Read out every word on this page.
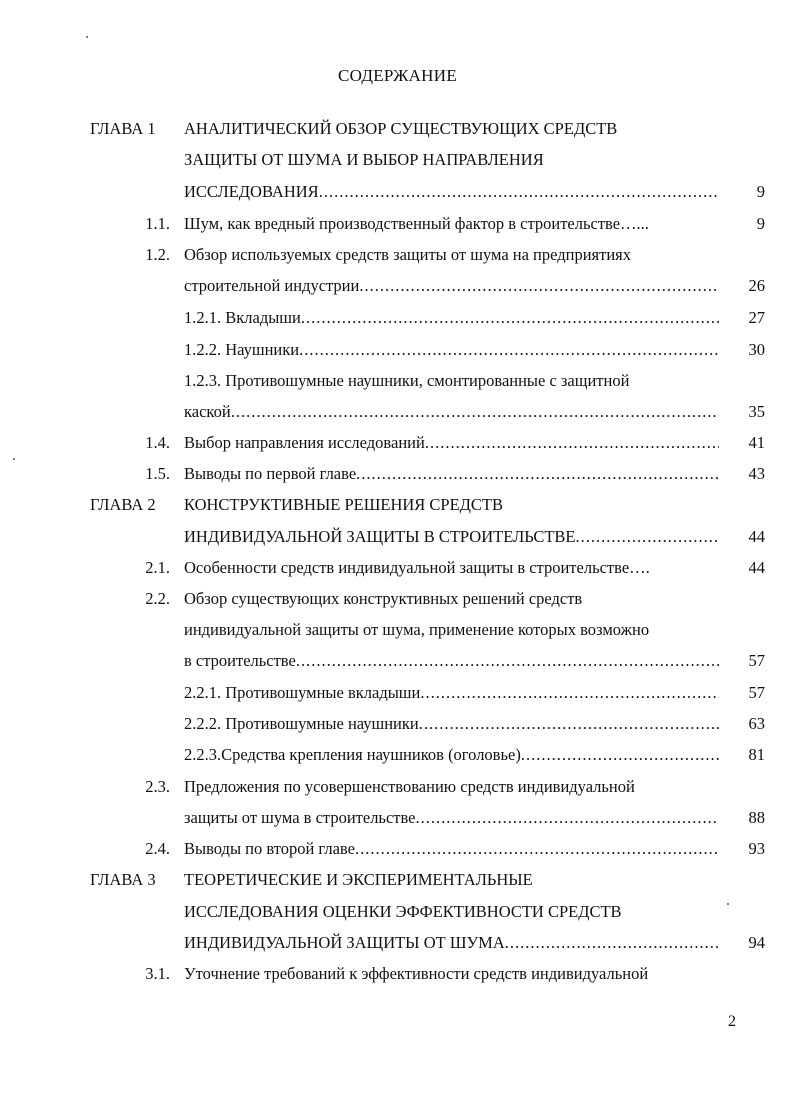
СОДЕРЖАНИЕ
ГЛАВА 1	АНАЛИТИЧЕСКИЙ ОБЗОР СУЩЕСТВУЮЩИХ СРЕДСТВ
ЗАЩИТЫ ОТ ШУМА И ВЫБОР НАПРАВЛЕНИЯ
ИССЛЕДОВАНИЯ .....	9
1.1. Шум, как вредный производственный фактор в строительстве…...	9
1.2. Обзор используемых средств защиты от шума на предприятиях
строительной индустрии .....	26
1.2.1. Вкладыши .....	27
1.2.2. Наушники .....	30
1.2.3. Противошумные наушники, смонтированные с защитной
каской .....	35
1.4. Выбор направления исследований .....	41
1.5. Выводы по первой главе .....	43
ГЛАВА 2	КОНСТРУКТИВНЫЕ РЕШЕНИЯ СРЕДСТВ
ИНДИВИДУАЛЬНОЙ ЗАЩИТЫ В СТРОИТЕЛЬСТВЕ .....	44
2.1. Особенности средств индивидуальной защиты в строительстве….	44
2.2. Обзор существующих конструктивных решений средств
индивидуальной защиты от шума, применение которых возможно
в строительстве .....	57
2.2.1. Противошумные вкладыши .....	57
2.2.2. Противошумные наушники .....	63
2.2.3.Средства крепления наушников (оголовье) .....	81
2.3. Предложения по усовершенствованию средств индивидуальной
защиты от шума в строительстве .....	88
2.4. Выводы по второй главе .....	93
ГЛАВА 3	ТЕОРЕТИЧЕСКИЕ И ЭКСПЕРИМЕНТАЛЬНЫЕ
ИССЛЕДОВАНИЯ ОЦЕНКИ ЭФФЕКТИВНОСТИ СРЕДСТВ
ИНДИВИДУАЛЬНОЙ ЗАЩИТЫ ОТ ШУМА .....	94
3.1. Уточнение требований к эффективности средств индивидуальной
2
